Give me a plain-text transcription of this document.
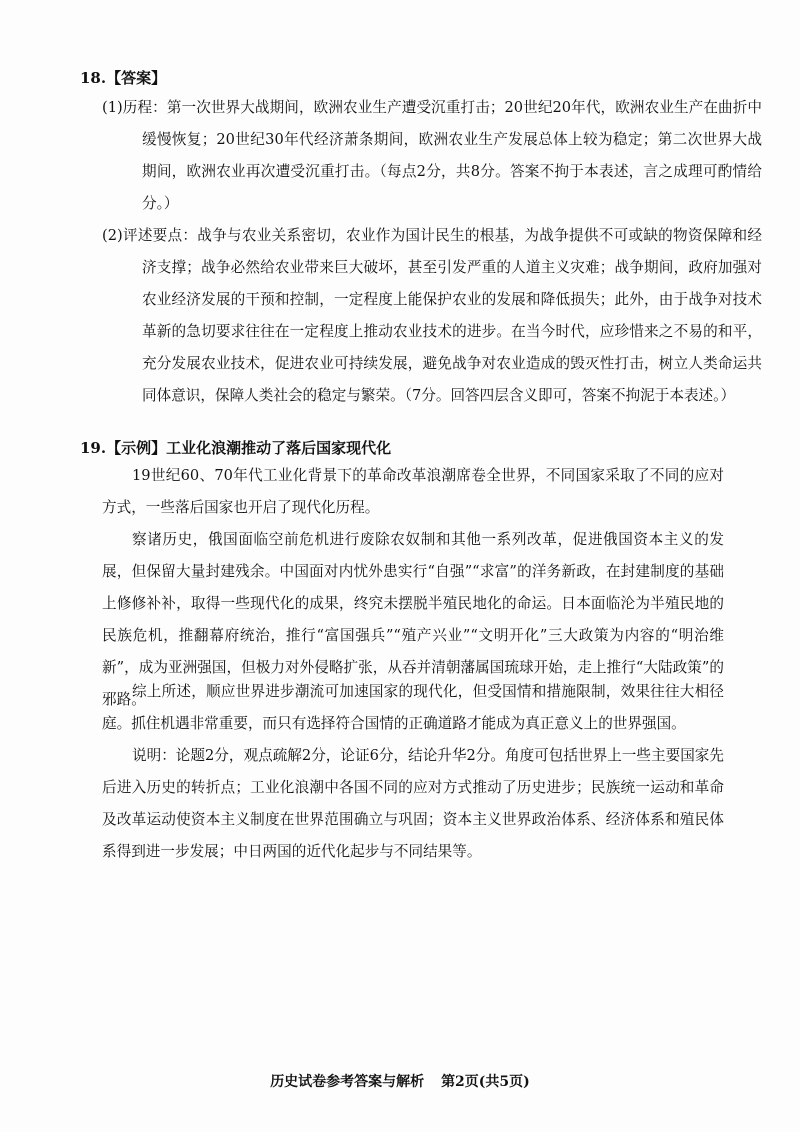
18.【答案】
(1)历程：第一次世界大战期间，欧洲农业生产遭受沉重打击；20世纪20年代，欧洲农业生产在曲折中缓慢恢复；20世纪30年代经济萧条期间，欧洲农业生产发展总体上较为稳定；第二次世界大战期间，欧洲农业再次遭受沉重打击。（每点2分，共8分。答案不拘于本表述，言之成理可酌情给分。）
(2)评述要点：战争与农业关系密切，农业作为国计民生的根基，为战争提供不可或缺的物资保障和经济支撑；战争必然给农业带来巨大破坏，甚至引发严重的人道主义灾难；战争期间，政府加强对农业经济发展的干预和控制，一定程度上能保护农业的发展和降低损失；此外，由于战争对技术革新的急切要求往往在一定程度上推动农业技术的进步。在当今时代，应珍惜来之不易的和平，充分发展农业技术，促进农业可持续发展，避免战争对农业造成的毁灭性打击，树立人类命运共同体意识，保障人类社会的稳定与繁荣。（7分。回答四层含义即可，答案不拘泥于本表述。）
19.【示例】工业化浪潮推动了落后国家现代化
19世纪60、70年代工业化背景下的革命改革浪潮席卷全世界，不同国家采取了不同的应对方式，一些落后国家也开启了现代化历程。
察诸历史，俄国面临空前危机进行废除农奴制和其他一系列改革，促进俄国资本主义的发展，但保留大量封建残余。中国面对内忧外患实行“自强”“求富”的洋务新政，在封建制度的基础上修修补补，取得一些现代化的成果，终究未摆脱半殖民地化的命运。日本面临沦为半殖民地的民族危机，推翻幕府统治，推行“富国强兵”“殖产兴业”“文明开化”三大政策为内容的“明治维新”，成为亚洲强国，但极力对外侵略扩张，从吞并清朝藩属国琉球开始，走上推行“大陆政策”的邪路。
综上所述，顺应世界进步潮流可加速国家的现代化，但受国情和措施限制，效果往往大相径庭。抓住机遇非常重要，而只有选择符合国情的正确道路才能成为真正意义上的世界强国。
说明：论题2分，观点疏解2分，论证6分，结论升华2分。角度可包括世界上一些主要国家先后进入历史的转折点；工业化浪潮中各国不同的应对方式推动了历史进步；民族统一运动和革命及改革运动使资本主义制度在世界范围确立与巩固；资本主义世界政治体系、经济体系和殖民体系得到进一步发展；中日两国的近代化起步与不同结果等。
历史试卷参考答案与解析 第2页(共5页)
